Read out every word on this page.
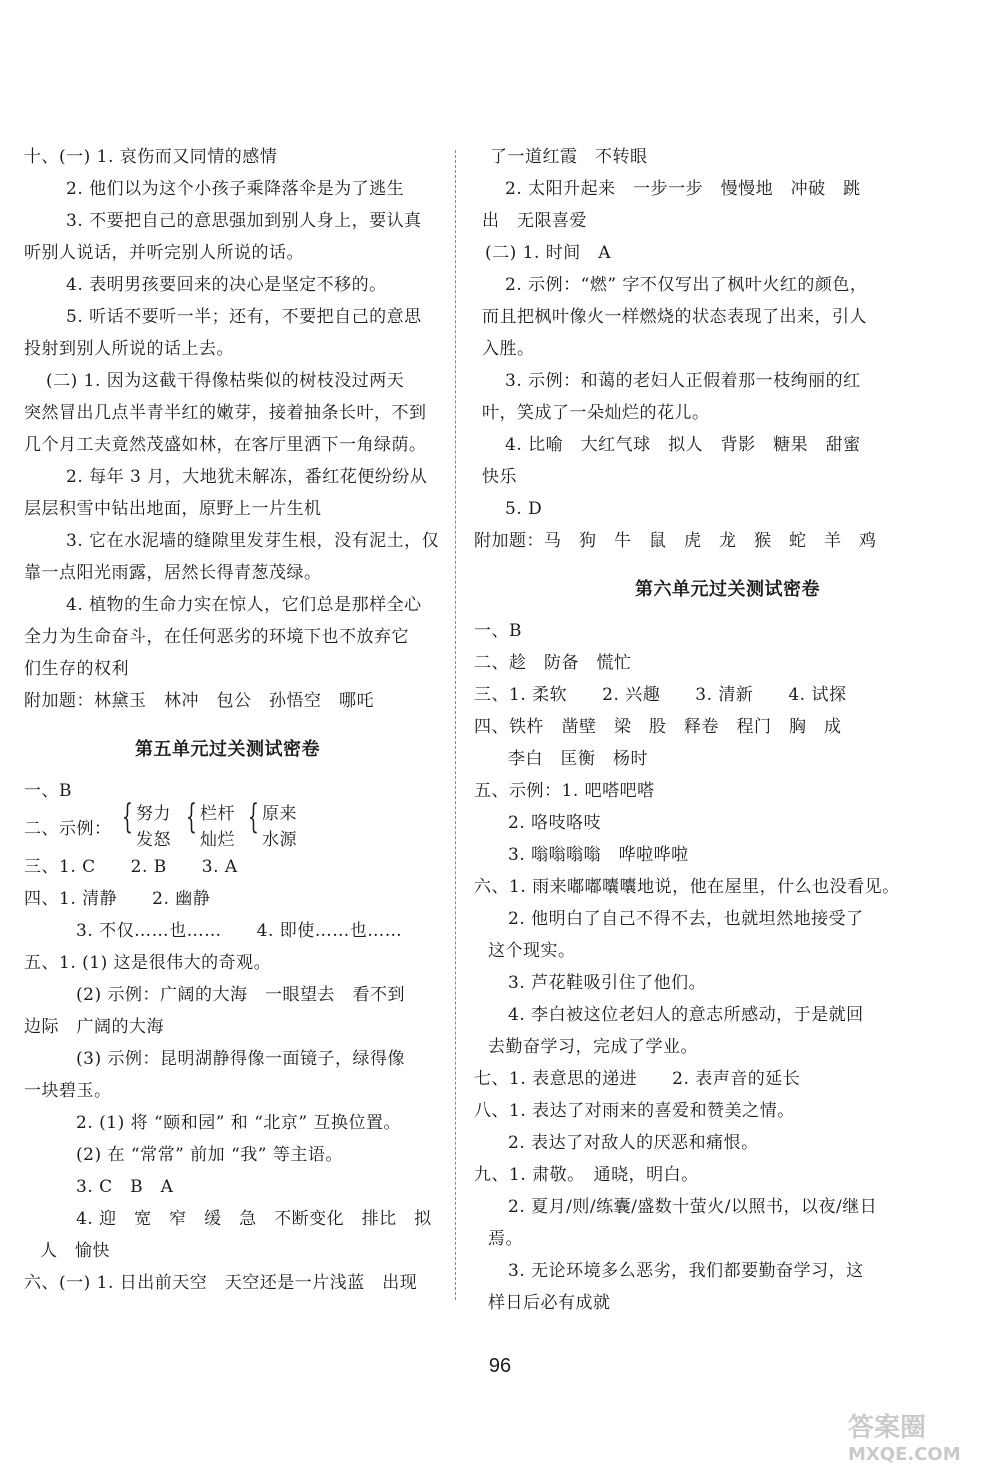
十、(一) 1. 哀伤而又同情的感情
2. 他们以为这个小孩子乘降落伞是为了逃生
3. 不要把自己的意思强加到别人身上，要认真
听别人说话，并听完别人所说的话。
4. 表明男孩要回来的决心是坚定不移的。
5. 听话不要听一半；还有，不要把自己的意思
投射到别人所说的话上去。
(二) 1. 因为这截干得像枯柴似的树枝没过两天
突然冒出几点半青半红的嫩芽，接着抽条长叶，不到
几个月工夫竟然茂盛如林，在客厅里洒下一角绿荫。
2. 每年 3 月，大地犹未解冻，番红花便纷纷从
层层积雪中钻出地面，原野上一片生机
3. 它在水泥墙的缝隙里发芽生根，没有泥土，仅
靠一点阳光雨露，居然长得青葱茂绿。
4. 植物的生命力实在惊人，它们总是那样全心
全力为生命奋斗，在任何恶劣的环境下也不放弃它
们生存的权利
附加题：林黛玉　林冲　包公　孙悟空　哪吒
第五单元过关测试密卷
一、B
二、示例： { 努力
发怒
{ 栏杆
灿烂
{ 原来
水源
三、1. C　　2. B　　3. A
四、1. 清静　　2. 幽静
3. 不仅……也……　　4. 即使……也……
五、1. (1) 这是很伟大的奇观。
(2) 示例：广阔的大海　一眼望去　看不到
边际　广阔的大海
(3) 示例：昆明湖静得像一面镜子，绿得像
一块碧玉。
2. (1) 将 “颐和园” 和 “北京” 互换位置。
(2) 在 “常常” 前加 “我” 等主语。
3. C　B　A
4. 迎　宽　窄　缓　急　不断变化　排比　拟
人　愉快
六、(一) 1. 日出前天空　天空还是一片浅蓝　出现
了一道红霞　不转眼
2. 太阳升起来　一步一步　慢慢地　冲破　跳
出　无限喜爱
(二) 1. 时间　A
2. 示例：“燃” 字不仅写出了枫叶火红的颜色，
而且把枫叶像火一样燃烧的状态表现了出来，引人
入胜。
3. 示例：和蔼的老妇人正假着那一枝绚丽的红
叶，笑成了一朵灿烂的花儿。
4. 比喻　大红气球　拟人　背影　糖果　甜蜜
快乐
5. D
附加题：马　狗　牛　鼠　虎　龙　猴　蛇　羊　鸡
第六单元过关测试密卷
一、B
二、趁　防备　慌忙
三、1. 柔软　　2. 兴趣　　3. 清新　　4. 试探
四、铁杵　凿壁　梁　股　释卷　程门　胸　成
李白　匡衡　杨时
五、示例：1. 吧嗒吧嗒
2. 咯吱咯吱
3. 嗡嗡嗡嗡　哗啦哗啦
六、1. 雨来嘟嘟囔囔地说，他在屋里，什么也没看见。
2. 他明白了自己不得不去，也就坦然地接受了
这个现实。
3. 芦花鞋吸引住了他们。
4. 李白被这位老妇人的意志所感动，于是就回
去勤奋学习，完成了学业。
七、1. 表意思的递进　　2. 表声音的延长
八、1. 表达了对雨来的喜爱和赞美之情。
2. 表达了对敌人的厌恶和痛恨。
九、1. 肃敬。　通晓，明白。
2. 夏月/则/练囊/盛数十萤火/以照书，以夜/继日
焉。
3. 无论环境多么恶劣，我们都要勤奋学习，这
样日后必有成就
96
答案圈
MXQE.COM
